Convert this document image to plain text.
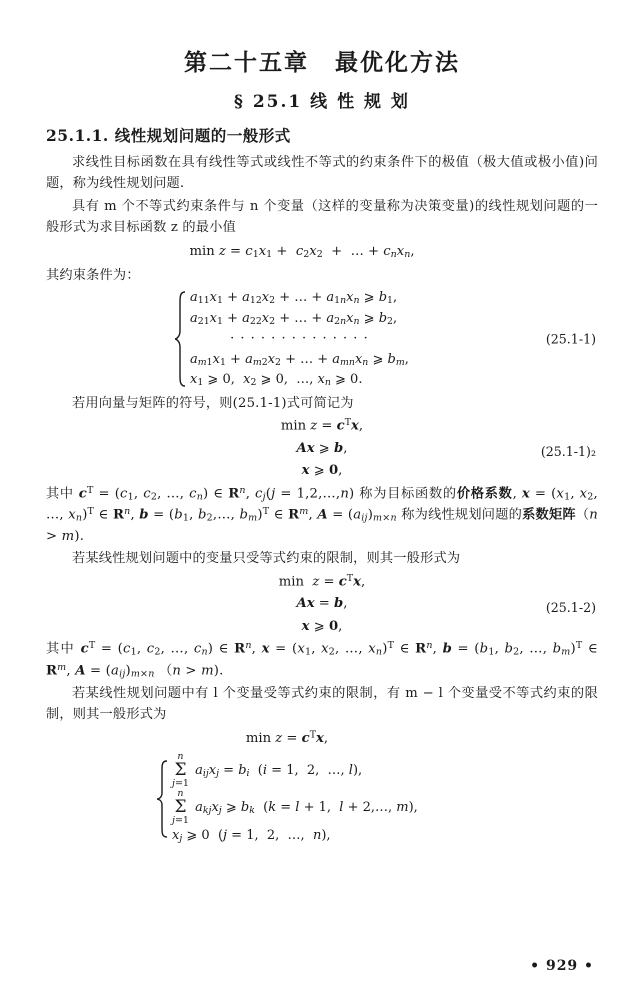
第二十五章 最优化方法
§ 25.1 线 性 规 划
25.1.1. 线性规划问题的一般形式

求线性目标函数在具有线性等式或线性不等式的约束条件下的极值（极大值或极小值)问题，称为线性规划问题.

具有 m 个不等式约束条件与 n 个变量（这样的变量称为决策变量)的线性规划问题的一般形式为求目标函数 z 的最小值

$\min z = c_1x_1 + c_2x_2$  +  … + $c_nx_n$,

其约束条件为：

$a_{11}x_1 + a_{12}x_2$ + … + $a_{1n}x_n$ ⩾ $b_1$,
$a_{21}x_1 + a_{22}x_2$ + … + $a_{2n}x_n$ ⩾ $b_2$,
· · · · · · · · · · · · · ·
$a_{m1}x_1 + a_{m2}x_2$ + … + $a_{mn}x_n$ ⩾ $b_m$,
$x_1$ ⩾ 0,  $x_2$ ⩾ 0,  …, $x_n$ ⩾ 0.
(25.1-1)

若用向量与矩阵的符号，则(25.1-1)式可简记为

$\min z = c^Tx$,
Ax ⩾ b,
x ⩾ 0,
(25.1-1)₂

其中 $c^T = (c_1$, $c_2$, …, $c_n$) ∈ $R^n$, $c_j(j$ = 1,2,…,n) 称为目标函数的价格系数, $x = (x_1$, $x_2$, …, $x_n)^T$ ∈ $R^n$, $b = (b_1$, $b_2,\dots$, $b_m)^T$ ∈ $R^m$, $A = (a_{ij})_{m\times n}$ 称为线性规划问题的系数矩阵（n > m).

若某线性规划问题中的变量只受等式约束的限制，则其一般形式为

$\min z = c^Tx$,
Ax = b,
x ⩾ 0,
(25.1-2)

其中 $c^T = (c_1$, $c_2$, …, $c_n$) ∈ $R^n$, $x = (x_1$, $x_2$, …, $x_n)^T$ ∈ $R^n$, $b = (b_1$, $b_2$, …, $b_m)^T$ ∈ $R^m$, $A = (a_{ij})_{m\times n}$ （n > m).

若某线性规划问题中有 l 个变量受等式约束的限制，有 m − l 个变量受不等式约束的限制，则其一般形式为

$\min z = c^Tx$,
n
Σ
j=1
$a_{ij}x_j = b_i$  (i = 1,  2,  …, l),
n
Σ
j=1
$a_{kj}x_j$ ⩾ $b_k$  (k = l + 1,  l + 2,…, m),
$x_j$ ⩾ 0  (j = 1,  2,  …,  n),
• 929 •
